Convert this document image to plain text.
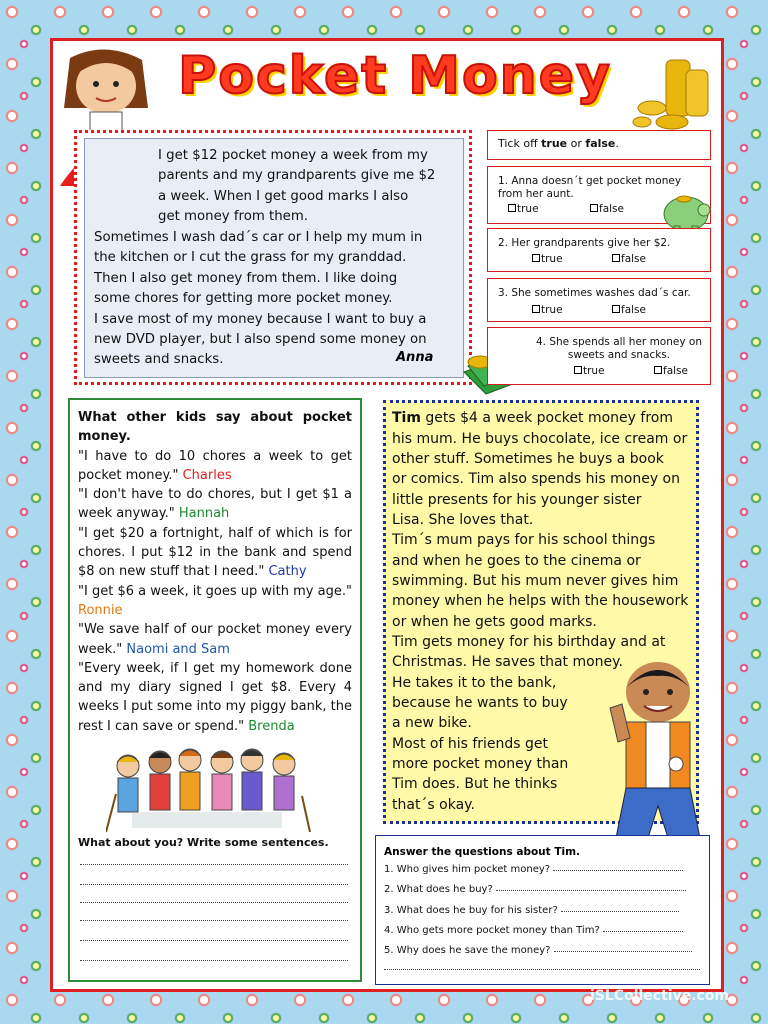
Pocket Money
I get $12 pocket money a week from my
parents and my grandparents give me $2
a week. When I get good marks I also
get money from them.
Sometimes I wash dad´s car or I help my mum in
the kitchen or I cut the grass for my granddad.
Then I also get money from them. I like doing
some chores for getting more pocket money.
I save most of my money because I want to buy a
new DVD player, but I also spend some money on
sweets and snacks.	Anna
Tick off true or false.
1. Anna doesn´t get pocket money from her aunt.
true	false
2. Her grandparents give her $2.
true	false
3. She sometimes washes dad´s car.
true	false
4. She spends all her money on sweets and snacks.
true	false

What other kids say about pocket money.

"I have to do 10 chores a week to get pocket money." Charles

"I don't have to do chores, but I get $1 a week anyway." Hannah

"I get $20 a fortnight, half of which is for chores. I put $12 in the bank and spend $8 on new stuff that I need." Cathy

"I get $6 a week, it goes up with my age." Ronnie

"We save half of our pocket money every week." Naomi and Sam

"Every week, if I get my homework done and my diary signed I get $8. Every 4 weeks I put some into my piggy bank, the rest I can save or spend." Brenda

What about you? Write some sentences.
Tim gets $4 a week pocket money from
his mum. He buys chocolate, ice cream or
other stuff. Sometimes he buys a book
or comics. Tim also spends his money on
little presents for his younger sister
Lisa. She loves that.
Tim´s mum pays for his school things
and when he goes to the cinema or
swimming. But his mum never gives him
money when he helps with the housework
or when he gets good marks.
Tim gets money for his birthday and at
Christmas. He saves that money.
He takes it to the bank,
because he wants to buy
a new bike.
Most of his friends get
more pocket money than
Tim does. But he thinks
that´s okay.
Answer the questions about Tim.
1. Who gives him pocket money?
2. What does he buy?
3. What does he buy for his sister?
4. Who gets more pocket money than Tim?
5. Why does he save the money?
iSLCollective.com
